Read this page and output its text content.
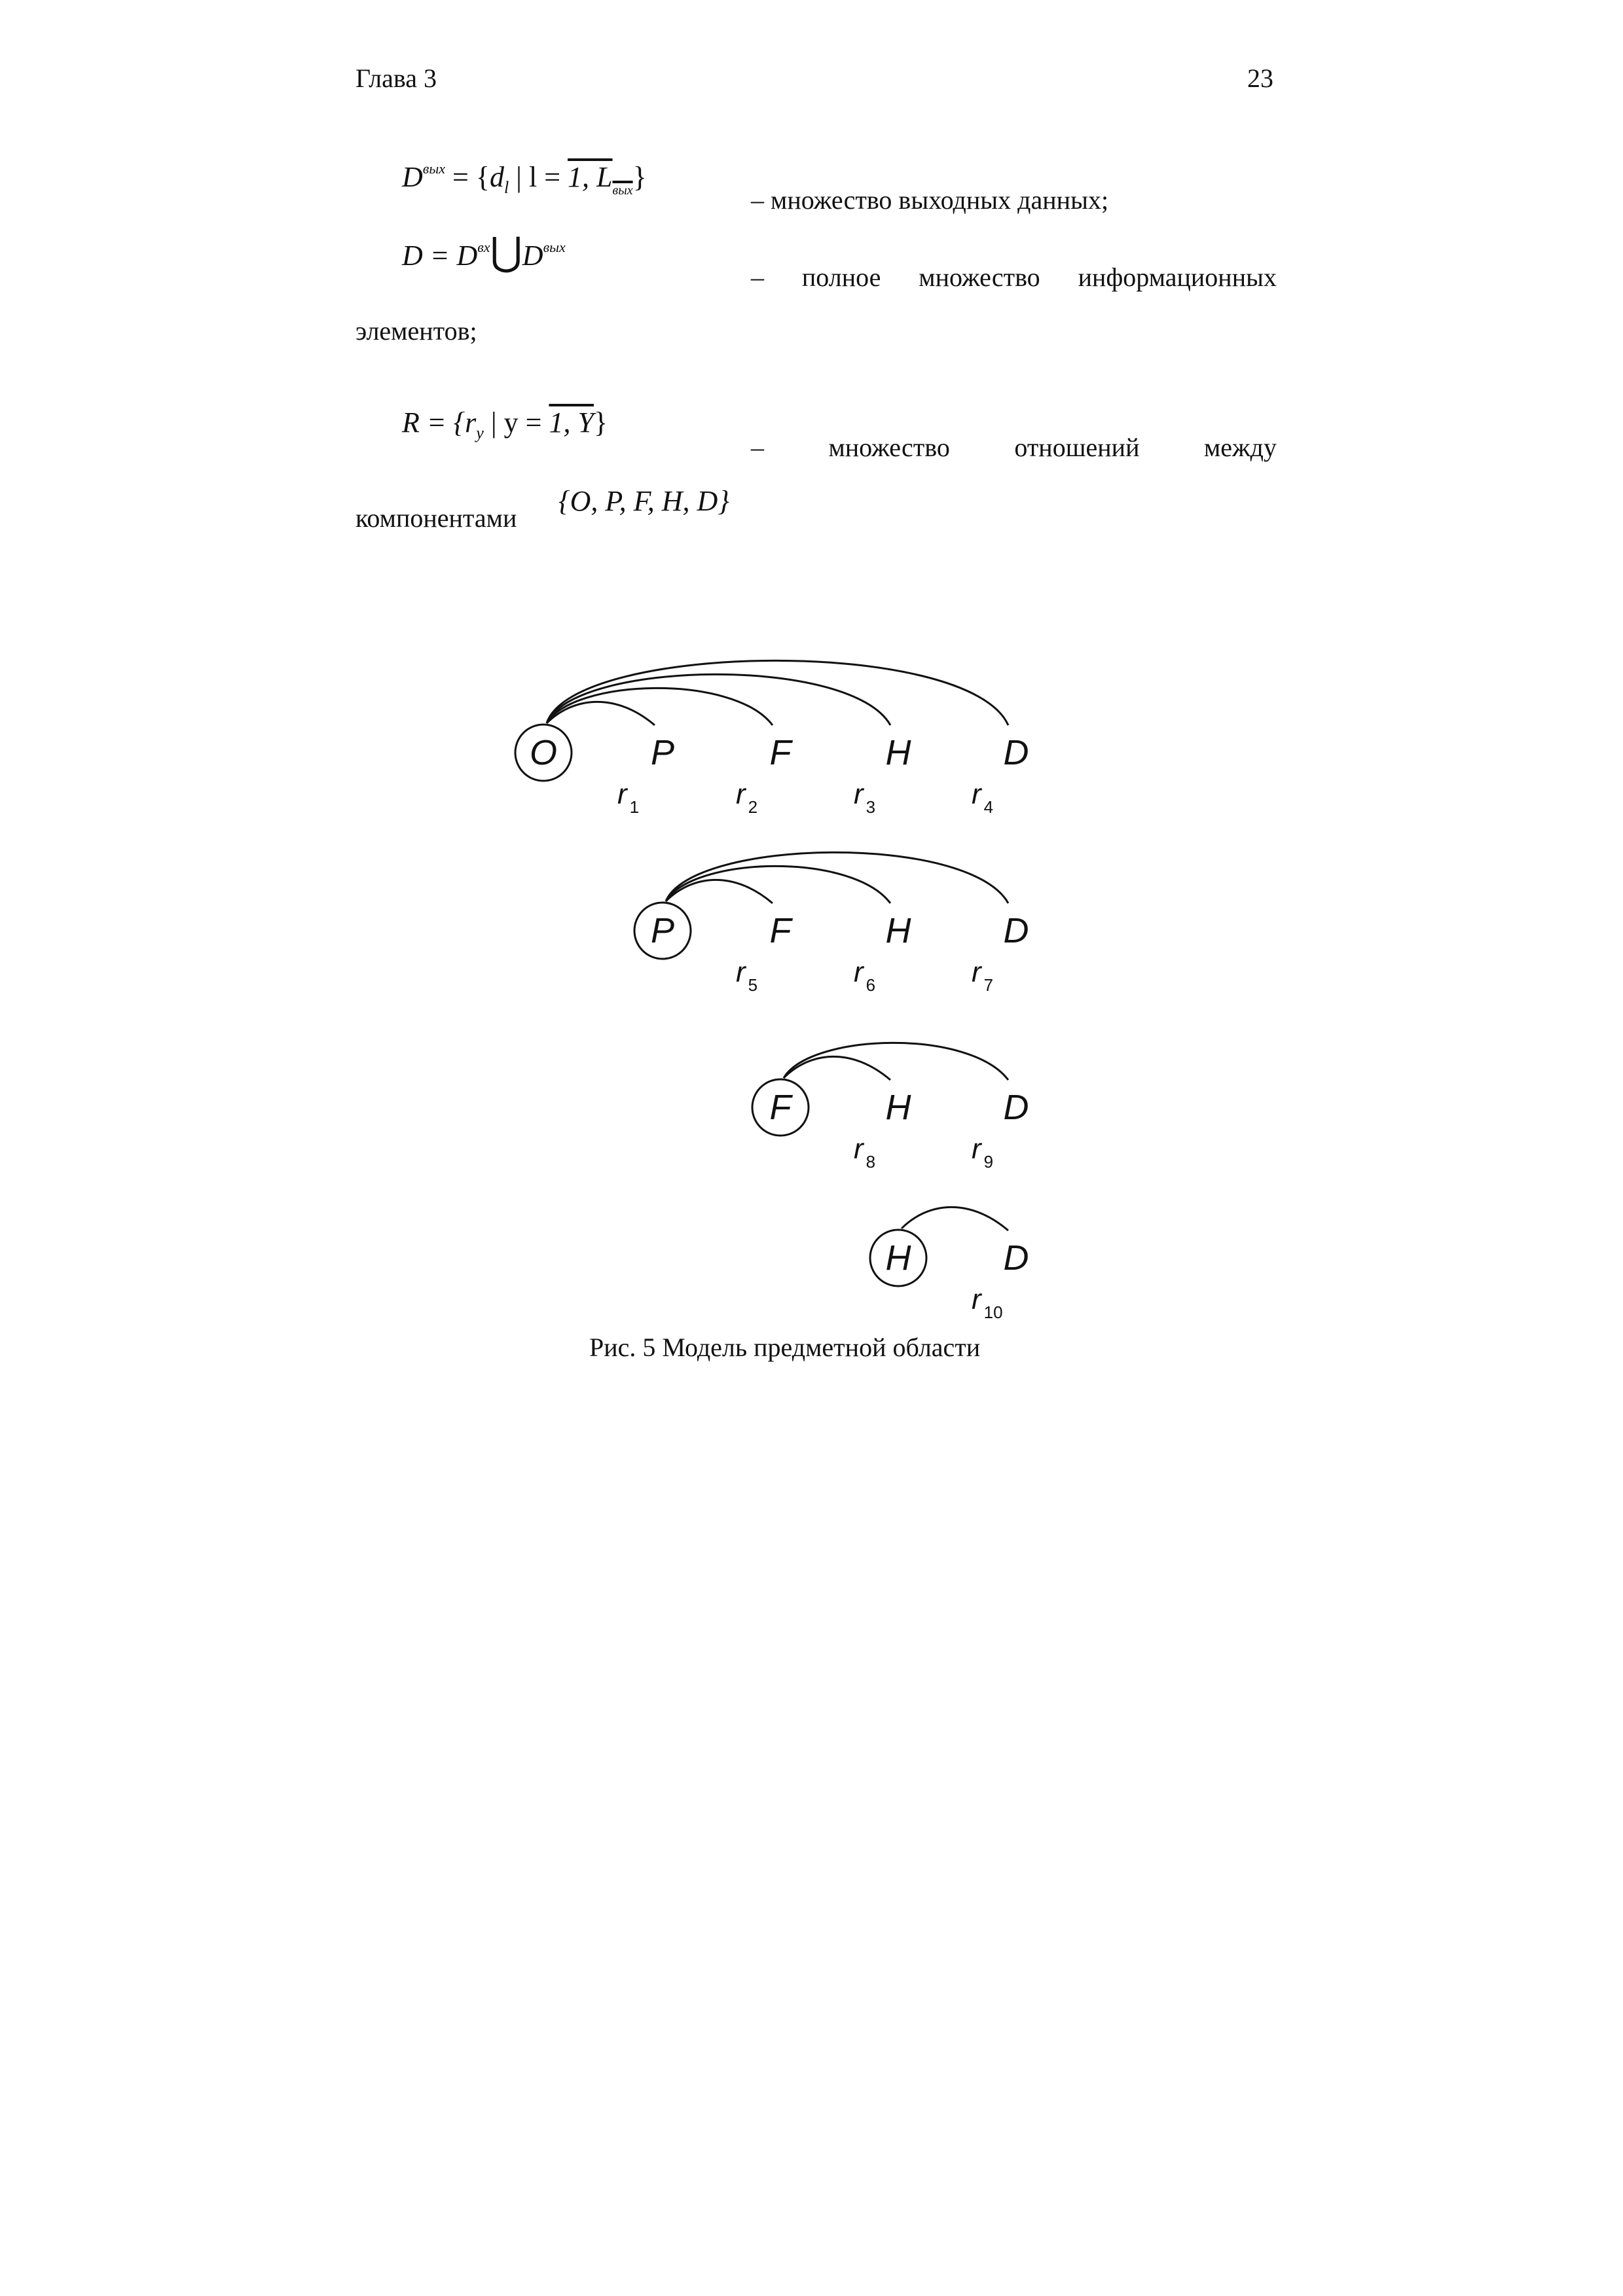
Глава 3	23
$D^{вых} = \{d_l$ | l = 1, $L_{вых}$}
– множество выходных данных;
$D = D^{вх}⋃D^{вых}$
– полное множество информационных
элементов;
$R = \{r_y$ | y = 1, Y}
– множество отношений между
компонентами
{O, P, F, H, D}
O	P
r $_1$
F
r $_2$
H
r $_3$
D
r $_4$
P	F
r $_5$
H
r $_6$
D
r $_7$
F	H
r $_8$
D
r $_9$
H	D
r $_{10}$
Рис. 5 Модель предметной области
